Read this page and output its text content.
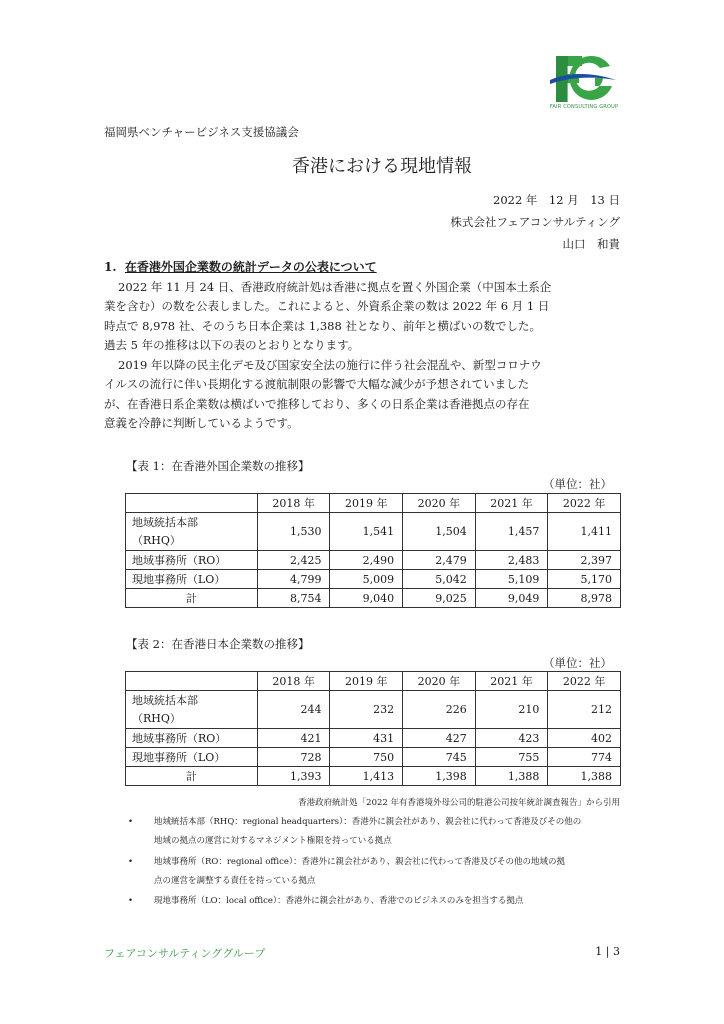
FAIR CONSULTING GROUP
福岡県ベンチャービジネス支援協議会
香港における現地情報
2022 年　12 月　13 日
株式会社フェアコンサルティング
山口　和貴
1. 在香港外国企業数の統計データの公表について
2022 年 11 月 24 日、香港政府統計処は香港に拠点を置く外国企業（中国本土系企
業を含む）の数を公表しました。これによると、外資系企業の数は 2022 年 6 月 1 日
時点で 8,978 社、そのうち日本企業は 1,388 社となり、前年と横ばいの数でした。
過去 5 年の推移は以下の表のとおりとなります。
2019 年以降の民主化デモ及び国家安全法の施行に伴う社会混乱や、新型コロナウ
イルスの流行に伴い長期化する渡航制限の影響で大幅な減少が予想されていました
が、在香港日系企業数は横ばいで推移しており、多くの日系企業は香港拠点の存在
意義を冷静に判断しているようです。
【表 1：在香港外国企業数の推移】
（単位：社）
	2018 年	2019 年	2020 年	2021 年	2022 年
地域統括本部
（RHQ）	1,530	1,541	1,504	1,457	1,411
地域事務所（RO）	2,425	2,490	2,479	2,483	2,397
現地事務所（LO）	4,799	5,009	5,042	5,109	5,170
計	8,754	9,040	9,025	9,049	8,978
【表 2：在香港日本企業数の推移】
（単位：社）
	2018 年	2019 年	2020 年	2021 年	2022 年
地域統括本部
（RHQ）	244	232	226	210	212
地域事務所（RO）	421	431	427	423	402
現地事務所（LO）	728	750	745	755	774
計	1,393	1,413	1,398	1,388	1,388
香港政府統計処「2022 年有香港境外母公司的駐港公司按年統計調査報告」から引用
•	地域統括本部（RHQ：regional headquarters）：香港外に親会社があり、親会社に代わって香港及びその他の
地域の拠点の運営に対するマネジメント権限を持っている拠点
•	地域事務所（RO：regional office）：香港外に親会社があり、親会社に代わって香港及びその他の地域の拠
点の運営を調整する責任を持っている拠点
•	現地事務所（LO：local office）：香港外に親会社があり、香港でのビジネスのみを担当する拠点
フェアコンサルティンググループ	1 | 3
